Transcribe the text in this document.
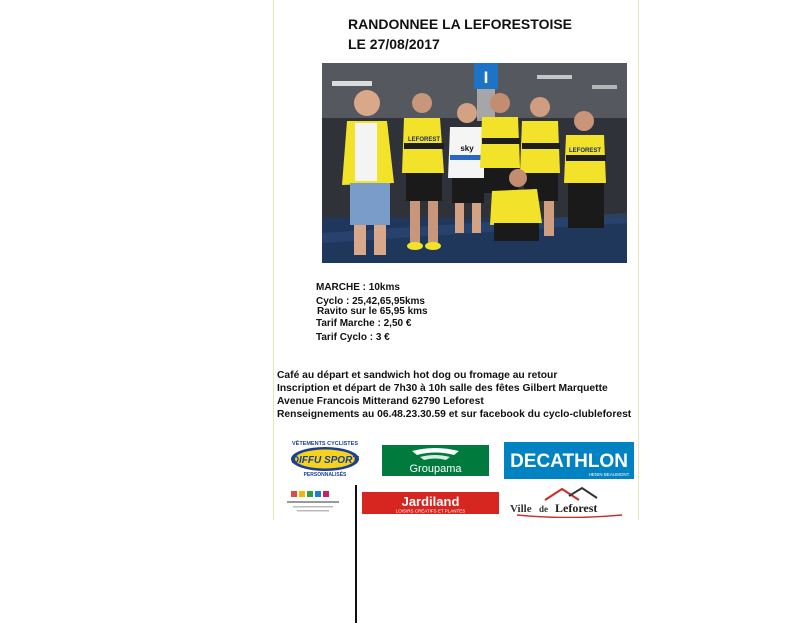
RANDONNEE LA LEFORESTOISE
LE 27/08/2017
I
LEFOREST
sky	LEFOREST
MARCHE : 10kms
Cyclo : 25,42,65,95kms
Ravito sur le 65,95 kms
Tarif Marche : 2,50 €
Tarif Cyclo : 3 €
Café au départ et sandwich hot dog ou fromage au retour
Inscription et départ de 7h30 à 10h salle des fêtes Gilbert Marquette
Avenue Francois Mitterand 62790 Leforest
Renseignements au 06.48.23.30.59 et sur facebook du cyclo-clubleforest
VÊTEMENTS CYCLISTES
DIFFU SPORT
PERSONNALISÉS	Groupama	DECATHLON
HENIN BEAUMONT
Jardiland
LOISIRS CRÉATIFS ET PLANTES	Ville de Leforest
